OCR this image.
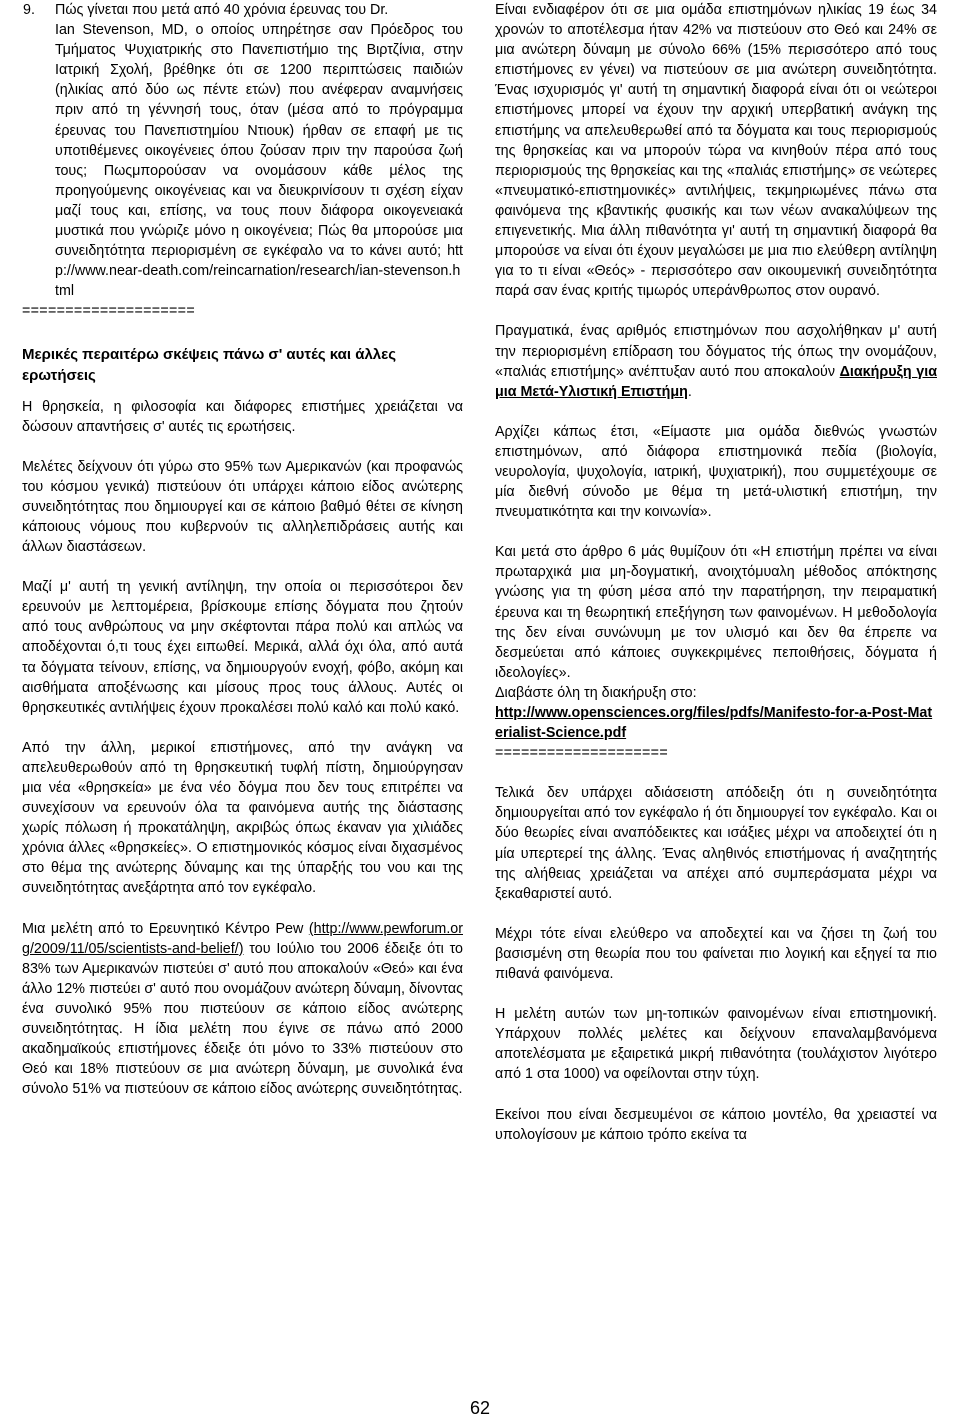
9.	Πώς γίνεται που μετά από 40 χρόνια έρευνας του Dr.
Ian Stevenson, MD, ο οποίος υπηρέτησε σαν Πρόεδρος του Τμήματος Ψυχιατρικής στο Πανεπιστήμιο της Βιρτζίνια, στην Ιατρική Σχολή, βρέθηκε ότι σε 1200 περιπτώσεις παιδιών (ηλικίας από δύο ως πέντε ετών) που ανέφεραν αναμνήσεις πριν από τη γέννησή τους, όταν (μέσα από το πρόγραμμα έρευνας του Πανεπιστημίου Ντιουκ) ήρθαν σε επαφή με τις υποτιθέμενες οικογένειες όπου ζούσαν πριν την παρούσα ζωή τους; Πωςμπορούσαν να ονομάσουν κάθε μέλος της προηγούμενης οικογένειας και να διευκρινίσουν τι σχέση είχαν μαζί τους και, επίσης, να τους πουν διάφορα οικογενειακά μυστικά που γνώριζε μόνο η οικογένεια; Πώς θα μπορούσε μια συνειδητότητα περιορισμένη σε εγκέφαλο να το κάνει αυτό; http://www.near-death.com/reincarnation/research/ian-stevenson.html
====================
Μερικές περαιτέρω σκέψεις πάνω σ' αυτές και άλλες ερωτήσεις

Η θρησκεία, η φιλοσοφία και διάφορες επιστήμες χρειάζεται να δώσουν απαντήσεις σ' αυτές τις ερωτήσεις.

Μελέτες δείχνουν ότι γύρω στο 95% των Αμερικανών (και προφανώς του κόσμου γενικά) πιστεύουν ότι υπάρχει κάποιο είδος ανώτερης συνειδητότητας που δημιουργεί και σε κάποιο βαθμό θέτει σε κίνηση κάποιους νόμους που κυβερνούν τις αλληλεπιδράσεις αυτής και άλλων διαστάσεων.

Μαζί μ' αυτή τη γενική αντίληψη, την οποία οι περισσότεροι δεν ερευνούν με λεπτομέρεια, βρίσκουμε επίσης δόγματα που ζητούν από τους ανθρώπους να μην σκέφτονται πάρα πολύ και απλώς να αποδέχονται ό,τι τους έχει ειπωθεί. Μερικά, αλλά όχι όλα, από αυτά τα δόγματα τείνουν, επίσης, να δημιουργούν ενοχή, φόβο, ακόμη και αισθήματα αποξένωσης και μίσους προς τους άλλους. Αυτές οι θρησκευτικές αντιλήψεις έχουν προκαλέσει πολύ καλό και πολύ κακό.

Από την άλλη, μερικοί επιστήμονες, από την ανάγκη να απελευθερωθούν από τη θρησκευτική τυφλή πίστη, δημιούργησαν μια νέα «θρησκεία» με ένα νέο δόγμα που δεν τους επιτρέπει να συνεχίσουν να ερευνούν όλα τα φαινόμενα αυτής της διάστασης χωρίς πόλωση ή προκατάληψη, ακριβώς όπως έκαναν για χιλιάδες χρόνια άλλες «θρησκείες». Ο επιστημονικός κόσμος είναι διχασμένος στο θέμα της ανώτερης δύναμης και της ύπαρξής του νου και της συνειδητότητας ανεξάρτητα από τον εγκέφαλο.

Μια μελέτη από το Ερευνητικό Κέντρο Pew (http://www.pewforum.org/2009/11/05/scientists-and-belief/) του Ιούλιο του 2006 έδειξε ότι το 83% των Αμερικανών πιστεύει σ' αυτό που αποκαλούν «Θεό» και ένα άλλο 12% πιστεύει σ' αυτό που ονομάζουν ανώτερη δύναμη, δίνοντας ένα συνολικό 95% που πιστεύουν σε κάποιο είδος ανώτερης συνειδητότητας. Η ίδια μελέτη που έγινε σε πάνω από 2000 ακαδημαϊκούς επιστήμονες έδειξε ότι μόνο το 33% πιστεύουν στο Θεό και 18% πιστεύουν σε μια ανώτερη δύναμη, με συνολικά ένα σύνολο 51% να πιστεύουν σε κάποιο είδος ανώτερης συνειδητότητας.

Είναι ενδιαφέρον ότι σε μια ομάδα επιστημόνων ηλικίας 19 έως 34 χρονών το αποτέλεσμα ήταν 42% να πιστεύουν στο Θεό και 24% σε μια ανώτερη δύναμη με σύνολο 66% (15% περισσότερο από τους επιστήμονες εν γένει) να πιστεύουν σε μια ανώτερη συνειδητότητα. Ένας ισχυρισμός γι' αυτή τη σημαντική διαφορά είναι ότι οι νεώτεροι επιστήμονες μπορεί να έχουν την αρχική υπερβατική ανάγκη της επιστήμης να απελευθερωθεί από τα δόγματα και τους περιορισμούς της θρησκείας και να μπορούν τώρα να κινηθούν πέρα από τους περιορισμούς της θρησκείας και της «παλιάς επιστήμης» σε νεώτερες «πνευματικό-επιστημονικές» αντιλήψεις, τεκμηριωμένες πάνω στα φαινόμενα της κβαντικής φυσικής και των νέων ανακαλύψεων της επιγενετικής. Μια άλλη πιθανότητα γι' αυτή τη σημαντική διαφορά θα μπορούσε να είναι ότι έχουν μεγαλώσει με μια πιο ελεύθερη αντίληψη για το τι είναι «Θεός» - περισσότερο σαν οικουμενική συνειδητότητα παρά σαν ένας κριτής τιμωρός υπεράνθρωπος στον ουρανό.

Πραγματικά, ένας αριθμός επιστημόνων που ασχολήθηκαν μ' αυτή την περιορισμένη επίδραση του δόγματος τής όπως την ονομάζουν, «παλιάς επιστήμης» ανέπτυξαν αυτό που αποκαλούν Διακήρυξη για μια Μετά-Υλιστική Επιστήμη.

Αρχίζει κάπως έτσι, «Είμαστε μια ομάδα διεθνώς γνωστών επιστημόνων, από διάφορα επιστημονικά πεδία (βιολογία, νευρολογία, ψυχολογία, ιατρική, ψυχιατρική), που συμμετέχουμε σε μία διεθνή σύνοδο με θέμα τη μετά-υλιστική επιστήμη, την πνευματικότητα και την κοινωνία».

Και μετά στο άρθρο 6 μάς θυμίζουν ότι «Η επιστήμη πρέπει να είναι πρωταρχικά μια μη-δογματική, ανοιχτόμυαλη μέθοδος απόκτησης γνώσης για τη φύση μέσα από την παρατήρηση, την πειραματική έρευνα και τη θεωρητική επεξήγηση των φαινομένων. Η μεθοδολογία της δεν είναι συνώνυμη με τον υλισμό και δεν θα έπρεπε να δεσμεύεται από κάποιες συγκεκριμένες πεποιθήσεις, δόγματα ή ιδεολογίες».

Διαβάστε όλη τη διακήρυξη στο:

http://www.opensciences.org/files/pdfs/Manifesto-for-a-Post-Materialist-Science.pdf

====================

Τελικά δεν υπάρχει αδιάσειστη απόδειξη ότι η συνειδητότητα δημιουργείται από τον εγκέφαλο ή ότι δημιουργεί τον εγκέφαλο. Και οι δύο θεωρίες είναι αναπόδεικτες και ισάξιες μέχρι να αποδειχτεί ότι η μία υπερτερεί της άλλης. Ένας αληθινός επιστήμονας ή αναζητητής της αλήθειας χρειάζεται να απέχει από συμπεράσματα μέχρι να ξεκαθαριστεί αυτό.

Μέχρι τότε είναι ελεύθερο να αποδεχτεί και να ζήσει τη ζωή του βασισμένη στη θεωρία που του φαίνεται πιο λογική και εξηγεί τα πιο πιθανά φαινόμενα.

Η μελέτη αυτών των μη-τοπικών φαινομένων είναι επιστημονική. Υπάρχουν πολλές μελέτες και δείχνουν επαναλαμβανόμενα αποτελέσματα με εξαιρετικά μικρή πιθανότητα (τουλάχιστον λιγότερο από 1 στα 1000) να οφείλονται στην τύχη.

Εκείνοι που είναι δεσμευμένοι σε κάποιο μοντέλο, θα χρειαστεί να υπολογίσουν με κάποιο τρόπο εκείνα τα

62
